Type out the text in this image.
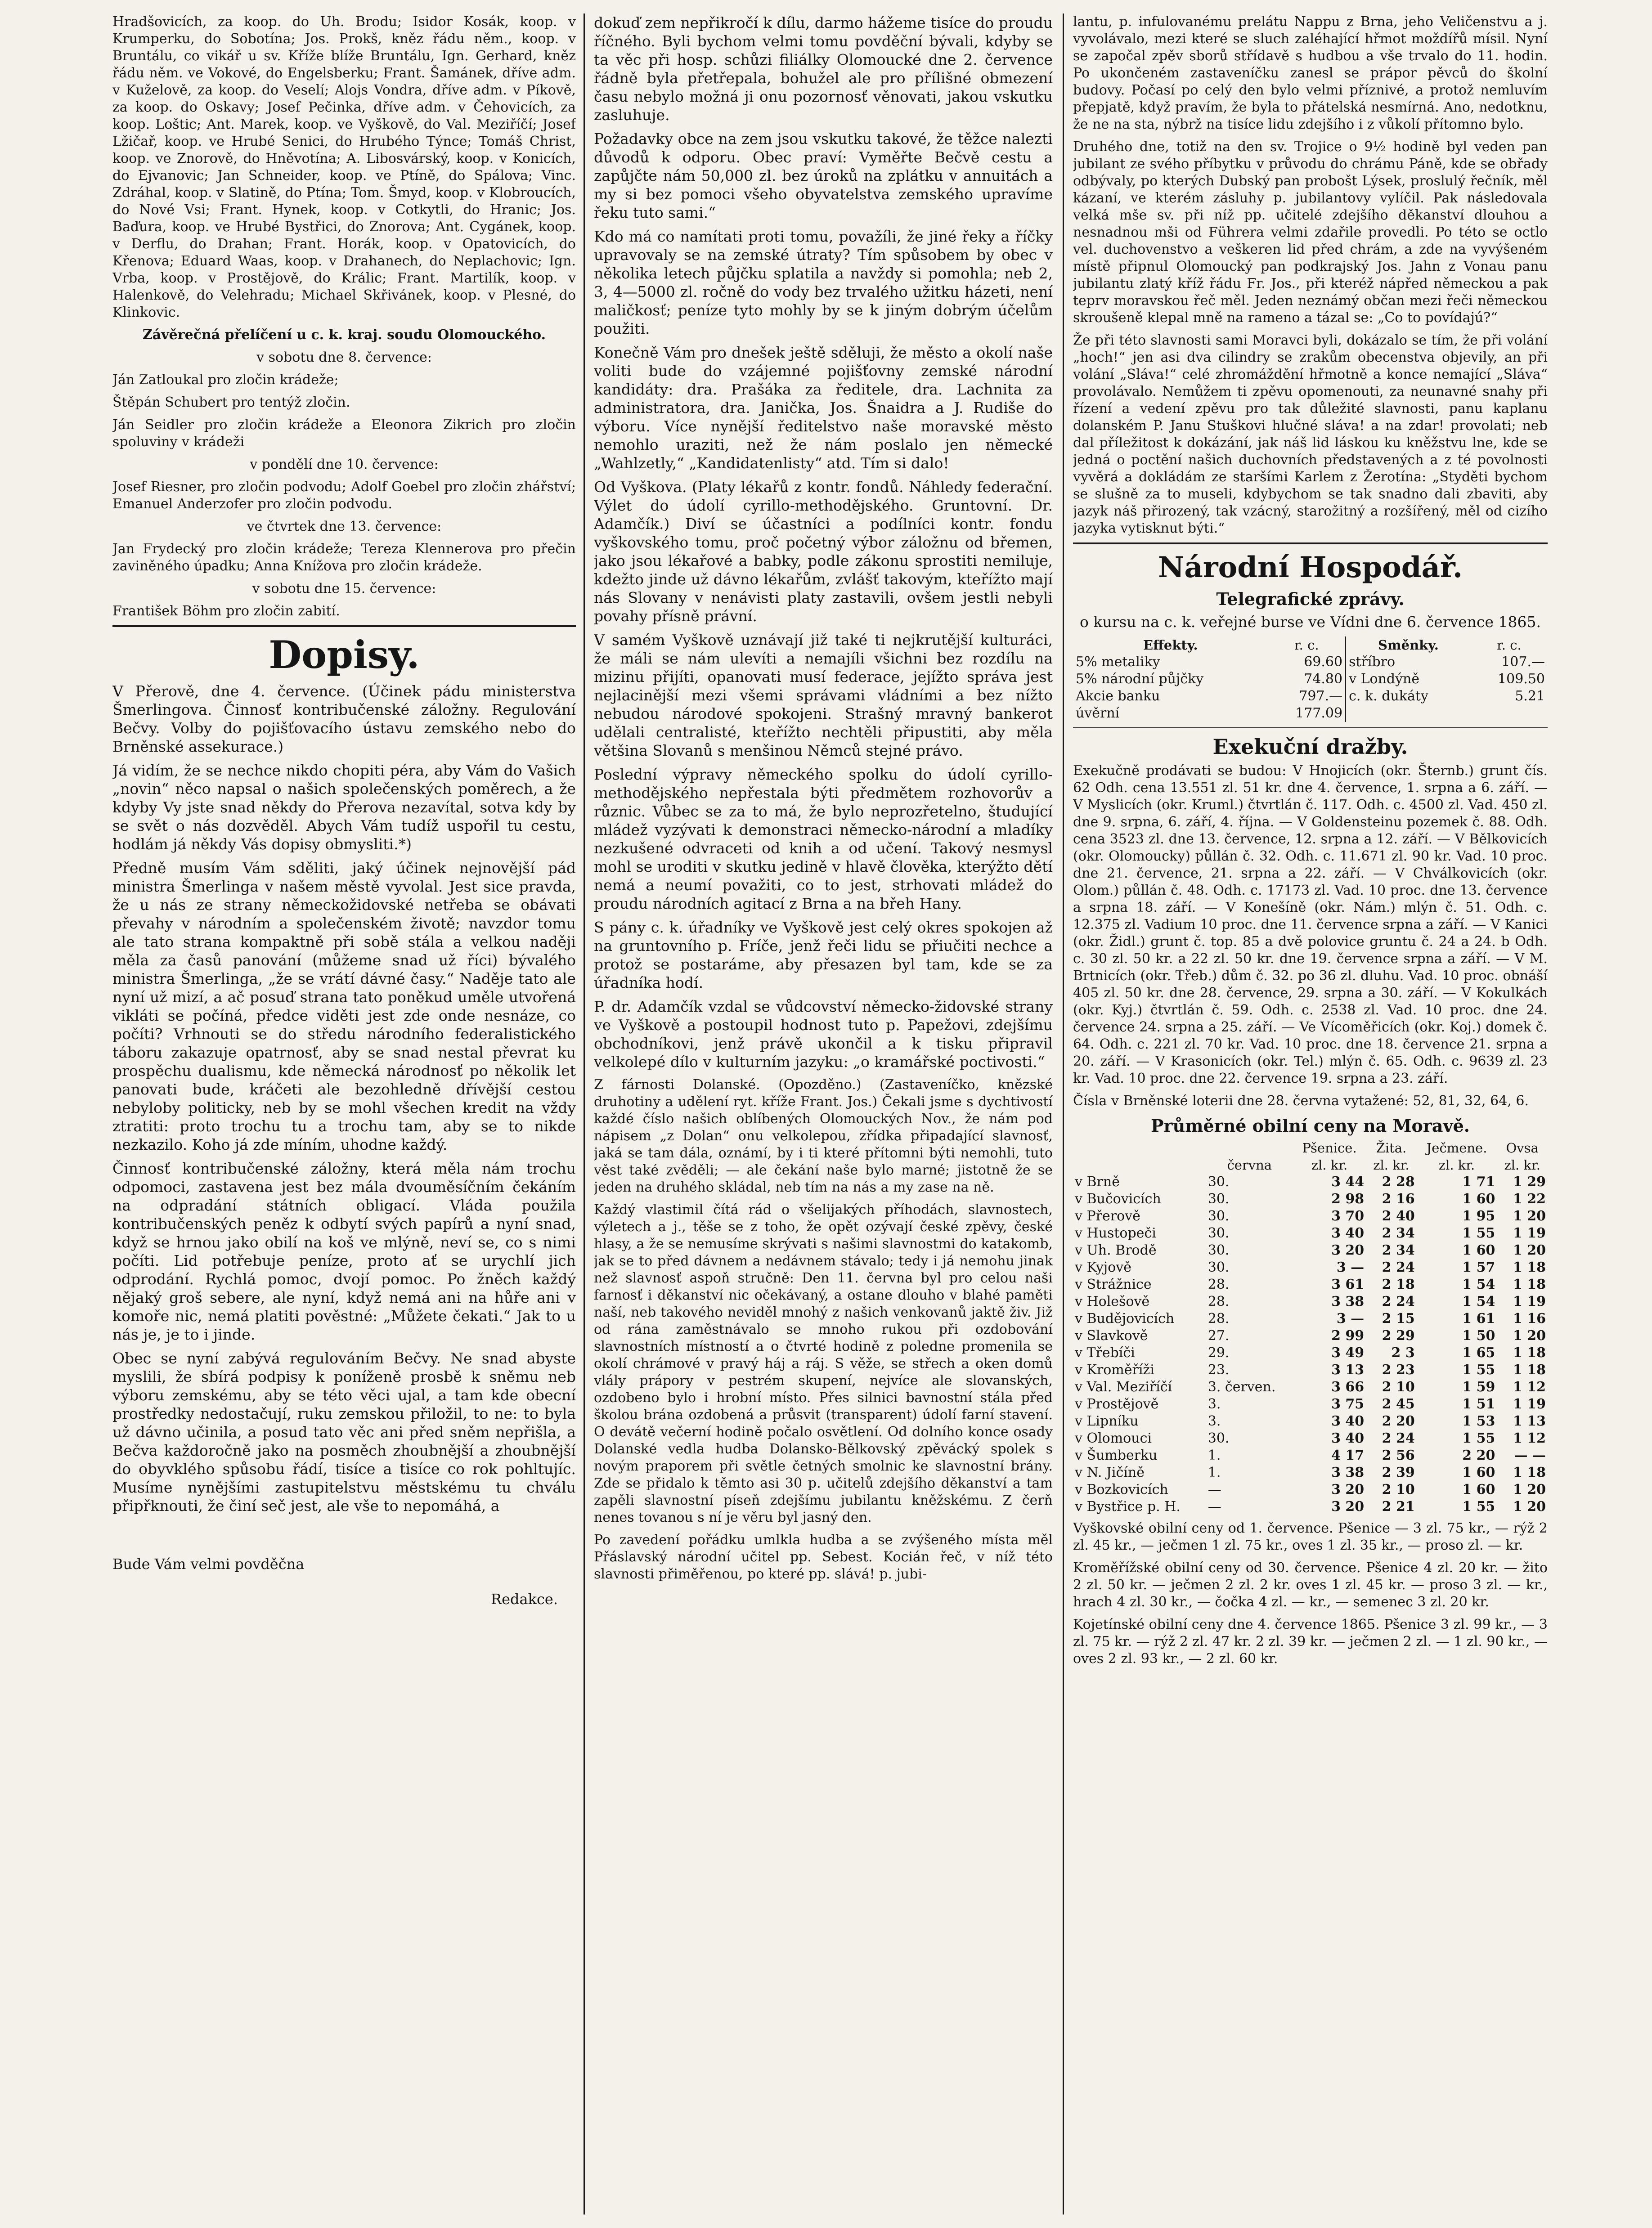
Hradšovicích, za koop. do Uh. Brodu; Isidor Kosák, koop. v Krumperku, do Sobotína; Jos. Prokš, kněz řádu něm., koop. v Bruntálu, co vikář u sv. Kříže blíže Bruntálu, Ign. Gerhard, kněz řádu něm. ve Vokové, do Engelsberku; Frant. Šamánek, dříve adm. v Kuželově, za koop. do Veselí; Alojs Vondra, dříve adm. v Píkově, za koop. do Oskavy; Josef Pečinka, dříve adm. v Čehovicích, za koop. Loštic; Ant. Marek, koop. ve Vyškově, do Val. Meziříčí; Josef Lžičař, koop. ve Hrubé Senici, do Hrubého Týnce; Tomáš Christ, koop. ve Znorově, do Hněvotína; A. Libosvárský, koop. v Konicích, do Ejvanovic; Jan Schneider, koop. ve Ptíně, do Spálova; Vinc. Zdráhal, koop. v Slatině, do Ptína; Tom. Šmyd, koop. v Klobroucích, do Nové Vsi; Frant. Hynek, koop. v Cotkytli, do Hranic; Jos. Baďura, koop. ve Hrubé Bystřici, do Znorova; Ant. Cygánek, koop. v Derflu, do Drahan; Frant. Horák, koop. v Opatovicích, do Křenova; Eduard Waas, koop. v Drahanech, do Neplachovic; Ign. Vrba, koop. v Prostějově, do Králic; Frant. Martilík, koop. v Halenkově, do Velehradu; Michael Skřivánek, koop. v Plesné, do Klinkovic.

Závěrečná přelíčení u c. k. kraj. soudu Olomouckého.

v sobotu dne 8. července:

Ján Zatloukal pro zločin krádeže;

Štěpán Schubert pro tentýž zločin.

Ján Seidler pro zločin krádeže a Eleonora Zikrich pro zločin spoluviny v krádeži

v pondělí dne 10. července:

Josef Riesner, pro zločin podvodu; Adolf Goebel pro zločin zhářství; Emanuel Anderzofer pro zločin podvodu.

ve čtvrtek dne 13. července:

Jan Frydecký pro zločin krádeže; Tereza Klennerova pro přečin zaviněného úpadku; Anna Knížova pro zločin krádeže.

v sobotu dne 15. července:

František Böhm pro zločin zabití.

Dopisy.

V Přerově, dne 4. července. (Účinek pádu ministerstva Šmerlingova. Činnosť kontribučenské záložny. Regulování Bečvy. Volby do pojišťovacího ústavu zemského nebo do Brněnské assekurace.)

Já vidím, že se nechce nikdo chopiti péra, aby Vám do Vašich „novin“ něco napsal o našich společenských poměrech, a že kdyby Vy jste snad někdy do Přerova nezavítal, sotva kdy by se svět o nás dozvěděl. Abych Vám tudíž uspořil tu cestu, hodlám já někdy Vás dopisy obmysliti.*)

Předně musím Vám sděliti, jaký účinek nejnovější pád ministra Šmerlinga v našem městě vyvolal. Jest sice pravda, že u nás ze strany německožidovské netřeba se obávati převahy v národním a společenském životě; navzdor tomu ale tato strana kompaktně při sobě stála a velkou naději měla za časů panování (můžeme snad už říci) bývalého ministra Šmerlinga, „že se vrátí dávné časy.“ Naděje tato ale nyní už mizí, a ač posuď strana tato poněkud uměle utvořená vikláti se počíná, předce viděti jest zde onde nesnáze, co počíti? Vrhnouti se do středu národního federalistického táboru zakazuje opatrnosť, aby se snad nestal převrat ku prospěchu dualismu, kde německá národnosť po několik let panovati bude, kráčeti ale bezohledně dřívější cestou nebyloby politicky, neb by se mohl všechen kredit na vždy ztratiti: proto trochu tu a trochu tam, aby se to nikde nezkazilo. Koho já zde míním, uhodne každý.

Činnosť kontribučenské záložny, která měla nám trochu odpomoci, zastavena jest bez mála dvouměsíčním čekáním na odpradání státních obligací. Vláda použila kontribučenských peněz k odbytí svých papírů a nyní snad, když se hrnou jako obilí na koš ve mlýně, neví se, co s nimi počíti. Lid potřebuje peníze, proto ať se urychlí jich odprodání. Rychlá pomoc, dvojí pomoc. Po žněch každý nějaký groš sebere, ale nyní, když nemá ani na hůře ani v komoře nic, nemá platiti pověstné: „Můžete čekati.“ Jak to u nás je, je to i jinde.

Obec se nyní zabývá regulováním Bečvy. Ne snad abyste myslili, že sbírá podpisy k poníženě prosbě k sněmu neb výboru zemskému, aby se této věci ujal, a tam kde obecní prostředky nedostačují, ruku zemskou přiložil, to ne: to byla už dávno učinila, a posud tato věc ani před sněm nepřišla, a Bečva každoročně jako na posměch zhoubnější a zhoubnější do obyvklého spůsobu řádí, tisíce a tisíce co rok pohltujíc. Musíme nynějšími zastupitelstvu městskému tu chválu připřknouti, že činí seč jest, ale vše to nepomáhá, a

Bude Vám velmi povděčna
Redakce.

dokuď zem nepřikročí k dílu, darmo hážeme tisíce do proudu říčného. Byli bychom velmi tomu povděční bývali, kdyby se ta věc při hosp. schůzi filiálky Olomoucké dne 2. července řádně byla přetřepala, bohužel ale pro přílišné obmezení času nebylo možná ji onu pozornosť věnovati, jakou vskutku zasluhuje.

Požadavky obce na zem jsou vskutku takové, že těžce nalezti důvodů k odporu. Obec praví: Vyměřte Bečvě cestu a zapůjčte nám 50,000 zl. bez úroků na zplátku v annuitách a my si bez pomoci všeho obyvatelstva zemského upravíme řeku tuto sami.“

Kdo má co namítati proti tomu, považíli, že jiné řeky a říčky upravovaly se na zemské útraty? Tím spůsobem by obec v několika letech půjčku splatila a navždy si pomohla; neb 2, 3, 4—5000 zl. ročně do vody bez trvalého užitku házeti, není maličkosť; peníze tyto mohly by se k jiným dobrým účelům použiti.

Konečně Vám pro dnešek ještě sděluji, že město a okolí naše voliti bude do vzájemné pojišťovny zemské národní kandidáty: dra. Prašáka za ředitele, dra. Lachnita za administratora, dra. Janička, Jos. Šnaidra a J. Rudiše do výboru. Více nynější ředitelstvo naše moravské město nemohlo uraziti, než že nám poslalo jen německé „Wahlzetly,“ „Kandidatenlisty“ atd. Tím si dalo!

Od Vyškova. (Platy lékařů z kontr. fondů. Náhledy federační. Výlet do údolí cyrillo-methodějského. Gruntovní. Dr. Adamčík.) Diví se účastníci a podílníci kontr. fondu vyškovského tomu, proč početný výbor záložnu od břemen, jako jsou lékařové a babky, podle zákonu sprostiti nemiluje, kdežto jinde už dávno lékařům, zvlášť takovým, kteřížto mají nás Slovany v nenávisti platy zastavili, ovšem jestli nebyli povahy přísně právní.

V samém Vyškově uznávají již také ti nejkrutější kulturáci, že máli se nám ulevíti a nemajíli všichni bez rozdílu na mizinu přijíti, opanovati musí federace, jejížto správa jest nejlacinější mezi všemi správami vládními a bez nížto nebudou národové spokojeni. Strašný mravný bankerot udělali centralisté, kteřížto nechtěli připustiti, aby měla většina Slovanů s menšinou Němců stejné právo.

Poslední výpravy německého spolku do údolí cyrillo-methodějského nepřestala býti předmětem rozhovorův a různic. Vůbec se za to má, že bylo neprozřetelno, študující mládež vyzývati k demonstraci německo-národní a mladíky nezkušené odvraceti od knih a od učení. Takový nesmysl mohl se uroditi v skutku jedině v hlavě člověka, kterýžto dětí nemá a neumí považiti, co to jest, strhovati mládež do proudu národních agitací z Brna a na břeh Hany.

S pány c. k. úřadníky ve Vyškově jest celý okres spokojen až na gruntovního p. Fríče, jenž řeči lidu se přiučiti nechce a protož se postaráme, aby přesazen byl tam, kde se za úřadníka hodí.

P. dr. Adamčík vzdal se vůdcovství německo-židovské strany ve Vyškově a postoupil hodnost tuto p. Papežovi, zdejšímu obchodníkovi, jenž právě ukončil a k tisku připravil velkolepé dílo v kulturním jazyku: „o kramářské poctivosti.“

Z fárnosti Dolanské. (Opozděno.) (Zastaveníčko, knězské druhotiny a udělení ryt. kříže Frant. Jos.) Čekali jsme s dychtivostí každé číslo našich oblíbených Olomouckých Nov., že nám pod nápisem „z Dolan“ onu velkolepou, zřídka připadající slavnosť, jaká se tam dála, oznámí, by i ti které přítomni býti nemohli, tuto věst také zvěděli; — ale čekání naše bylo marné; jistotně že se jeden na druhého skládal, neb tím na nás a my zase na ně.

Každý vlastimil čítá rád o všelijakých příhodách, slavnostech, výletech a j., těše se z toho, že opět ozývají české zpěvy, české hlasy, a že se nemusíme skrývati s našimi slavnostmi do katakomb, jak se to před dávnem a nedávnem stávalo; tedy i já nemohu jinak než slavnosť aspoň stručně: Den 11. června byl pro celou naši farnosť i děkanství nic očekávaný, a ostane dlouho v blahé paměti naší, neb takového neviděl mnohý z našich venkovanů jaktě živ. Již od rána zaměstnávalo se mnoho rukou při ozdobování slavnostních místností a o čtvrté hodině z poledne promenila se okolí chrámové v pravý háj a ráj. S věže, se střech a oken domů vlály prápory v pestrém skupení, nejvíce ale slovanských, ozdobeno bylo i hrobní místo. Přes silnici bavnostní stála před školou brána ozdobená a průsvit (transparent) údolí farní stavení. O devátě večerní hodině počalo osvětlení. Od dolního konce osady Dolanské vedla hudba Dolansko-Bělkovský zpěvácký spolek s novým praporem při světle četných smolnic ke slavnostní brány. Zde se přidalo k těmto asi 30 p. učitelů zdejšího děkanství a tam zapěli slavnostní píseň zdejšímu jubilantu kněžskému. Z čerň nenes tovanou s ní je věru byl jasný den.

Po zavedení pořádku umlkla hudba a se zvýšeného místa měl Přáslavský národní učitel pp. Sebest. Kocián řeč, v níž této slavnosti přiměřenou, po které pp. slává! p. jubi-

lantu, p. infulovanému prelátu Nappu z Brna, jeho Veličenstvu a j. vyvolávalo, mezi které se sluch zaléhající hřmot moždířů mísil. Nyní se započal zpěv sborů střídavě s hudbou a vše trvalo do 11. hodin. Po ukončeném zastaveníčku zanesl se prápor pěvců do školní budovy. Počasí po celý den bylo velmi příznivé, a protož nemluvím přepjatě, když pravím, že byla to přátelská nesmírná. Ano, nedotknu, že ne na sta, nýbrž na tisíce lidu zdejšího i z vůkolí přítomno bylo.

Druhého dne, totiž na den sv. Trojice o 9½ hodině byl veden pan jubilant ze svého příbytku v průvodu do chrámu Páně, kde se obřady odbývaly, po kterých Dubský pan probošt Lýsek, proslulý řečník, měl kázaní, ve kterém zásluhy p. jubilantovy vylíčil. Pak následovala velká mše sv. při níž pp. učitelé zdejšího děkanství dlouhou a nesnadnou mši od Führera velmi zdařile provedli. Po této se octlo vel. duchovenstvo a veškeren lid před chrám, a zde na vyvýšeném místě připnul Olomoucký pan podkrajský Jos. Jahn z Vonau panu jubilantu zlatý kříž řádu Fr. Jos., při kteréž nápřed německou a pak teprv moravskou řeč měl. Jeden neznámý občan mezi řeči německou skroušeně klepal mně na rameno a tázal se: „Co to povídajú?“

Že při této slavnosti sami Moravci byli, dokázalo se tím, že při volání „hoch!“ jen asi dva cilindry se zrakům obecenstva objevily, an při volání „Sláva!“ celé zhromáždění hřmotně a konce nemající „Sláva“ provolávalo. Nemůžem ti zpěvu opomenouti, za neunavné snahy při řízení a vedení zpěvu pro tak důležité slavnosti, panu kaplanu dolanském P. Janu Stuškovi hlučné sláva! a na zdar! provolati; neb dal příležitost k dokázání, jak náš lid láskou ku kněžstvu lne, kde se jedná o poctění našich duchovních představených a z té povolnosti vyvěrá a dokládám ze staršími Karlem z Žerotína: „Styděti bychom se slušně za to museli, kdybychom se tak snadno dali zbaviti, aby jazyk náš přirozený, tak vzácný, starožitný a rozšířený, měl od cizího jazyka vytisknut býti.“

Národní Hospodář.
Telegrafické zprávy.

o kursu na c. k. veřejné burse ve Vídni dne 6. července 1865.

Effekty.	r. c.	Směnky.	r. c.
5% metaliky	69.60	stříbro	107.—
5% národní půjčky	74.80	v Londýně	109.50
Akcie banku	797.—	c. k. dukáty	5.21
úvěrní	177.09		
Exekuční dražby.

Exekučně prodávati se budou: V Hnojicích (okr. Šternb.) grunt čís. 62 Odh. cena 13.551 zl. 51 kr. dne 4. července, 1. srpna a 6. září. — V Myslicích (okr. Kruml.) čtvrtlán č. 117. Odh. c. 4500 zl. Vad. 450 zl. dne 9. srpna, 6. září, 4. října. — V Goldensteinu pozemek č. 88. Odh. cena 3523 zl. dne 13. července, 12. srpna a 12. září. — V Bělkovicích (okr. Olomoucky) půllán č. 32. Odh. c. 11.671 zl. 90 kr. Vad. 10 proc. dne 21. července, 21. srpna a 22. září. — V Chválkovicích (okr. Olom.) půllán č. 48. Odh. c. 17173 zl. Vad. 10 proc. dne 13. července a srpna 18. září. — V Konešíně (okr. Nám.) mlýn č. 51. Odh. c. 12.375 zl. Vadium 10 proc. dne 11. července srpna a září. — V Kanici (okr. Židl.) grunt č. top. 85 a dvě polovice gruntu č. 24 a 24. b Odh. c. 30 zl. 50 kr. a 22 zl. 50 kr. dne 19. července srpna a září. — V M. Brtnicích (okr. Třeb.) dům č. 32. po 36 zl. dluhu. Vad. 10 proc. obnáší 405 zl. 50 kr. dne 28. července, 29. srpna a 30. září. — V Kokulkách (okr. Kyj.) čtvrtlán č. 59. Odh. c. 2538 zl. Vad. 10 proc. dne 24. července 24. srpna a 25. září. — Ve Vícoměřicích (okr. Koj.) domek č. 64. Odh. c. 221 zl. 70 kr. Vad. 10 proc. dne 18. července 21. srpna a 20. září. — V Krasonicích (okr. Tel.) mlýn č. 65. Odh. c. 9639 zl. 23 kr. Vad. 10 proc. dne 22. července 19. srpna a 23. září.

Čísla v Brněnské loterii dne 28. června vytažené: 52, 81, 32, 64, 6.

Průměrné obilní ceny na Moravě.
		Pšenice.	Žita.	Ječmene.	Ovsa
	června	zl. kr.	zl. kr.	zl. kr.	zl. kr.
v Brně	30.	3 44	2 28	1 71	1 29
v Bučovicích	30.	2 98	2 16	1 60	1 22
v Přerově	30.	3 70	2 40	1 95	1 20
v Hustopeči	30.	3 40	2 34	1 55	1 19
v Uh. Brodě	30.	3 20	2 34	1 60	1 20
v Kyjově	30.	3 —	2 24	1 57	1 18
v Strážnice	28.	3 61	2 18	1 54	1 18
v Holešově	28.	3 38	2 24	1 54	1 19
v Budějovicích	28.	3 —	2 15	1 61	1 16
v Slavkově	27.	2 99	2 29	1 50	1 20
v Třebíči	29.	3 49	2 3	1 65	1 18
v Kroměříži	23.	3 13	2 23	1 55	1 18
v Val. Meziříčí	3. červen.	3 66	2 10	1 59	1 12
v Prostějově	3.	3 75	2 45	1 51	1 19
v Lipníku	3.	3 40	2 20	1 53	1 13
v Olomouci	30.	3 40	2 24	1 55	1 12
v Šumberku	1.	4 17	2 56	2 20	— —
v N. Jičíně	1.	3 38	2 39	1 60	1 18
v Bozkovicích	—	3 20	2 10	1 60	1 20
v Bystřice p. H.	—	3 20	2 21	1 55	1 20

Vyškovské obilní ceny od 1. července. Pšenice — 3 zl. 75 kr., — rýž 2 zl. 45 kr., — ječmen 1 zl. 75 kr., oves 1 zl. 35 kr., — proso zl. — kr.

Kroměřížské obilní ceny od 30. července. Pšenice 4 zl. 20 kr. — žito 2 zl. 50 kr. — ječmen 2 zl. 2 kr. oves 1 zl. 45 kr. — proso 3 zl. — kr., hrach 4 zl. 30 kr., — čočka 4 zl. — kr., — semenec 3 zl. 20 kr.

Kojetínské obilní ceny dne 4. července 1865. Pšenice 3 zl. 99 kr., — 3 zl. 75 kr. — rýž 2 zl. 47 kr. 2 zl. 39 kr. — ječmen 2 zl. — 1 zl. 90 kr., — oves 2 zl. 93 kr., — 2 zl. 60 kr.
